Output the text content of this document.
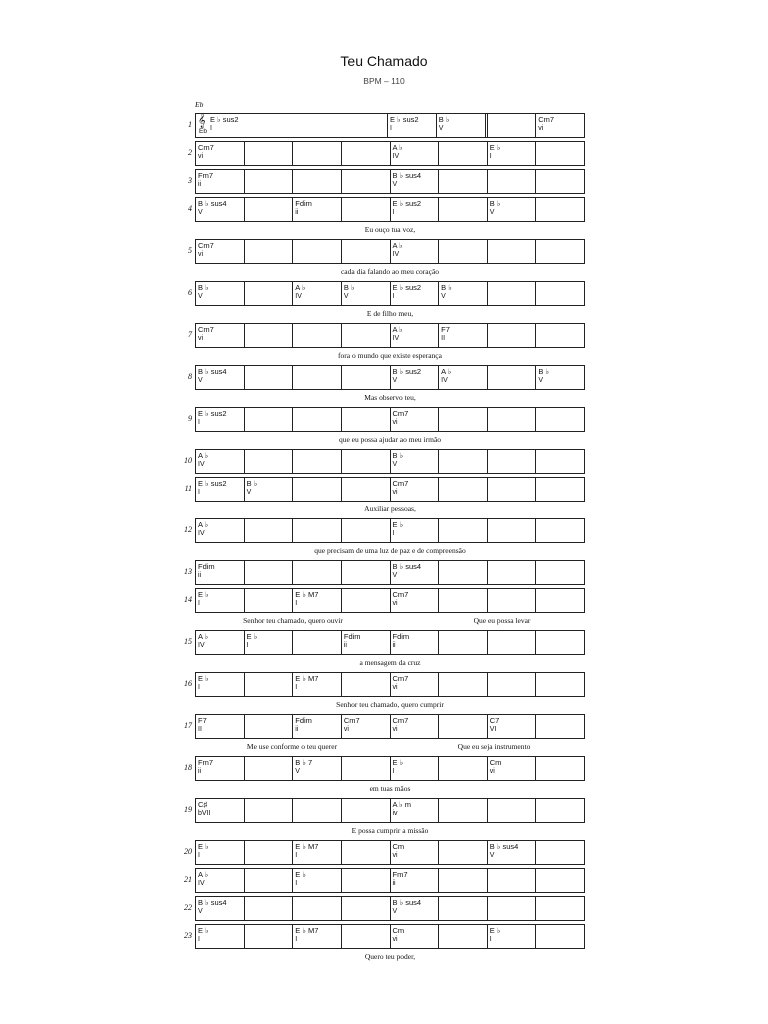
Teu Chamado
BPM – 110
Eb
1 𝄞
Eb
E ♭ sus2
I
E ♭ sus2
I
B ♭
V
Cm7
vi
2
Cm7
vi
A ♭
IV
E ♭
I
3
Fm7
ii
B ♭ sus4
V
4
B ♭ sus4
V
Fdim
ii
E ♭ sus2
I
B ♭
V
5
Cm7
vi
A ♭
IV
6
B ♭
V
A ♭
IV
B ♭
V
E ♭ sus2
I
B ♭
V
7
Cm7
vi
A ♭
IV
F7
II
8
B ♭ sus4
V
B ♭ sus2
V
A ♭
IV
B ♭
V
9
E ♭ sus2
I
Cm7
vi
10
A ♭
IV
B ♭
V
11
E ♭ sus2
I
B ♭
V
Cm7
vi
12
A ♭
IV
E ♭
I
13
Fdim
ii
B ♭ sus4
V
14
E ♭
I
E ♭ M7
I
Cm7
vi
15
A ♭
IV
E ♭
I
Fdim
ii
Fdim
ii
16
E ♭
I
E ♭ M7
I
Cm7
vi
17
F7
II
Fdim
ii
Cm7
vi
Cm7
vi
C7
VI
18
Fm7
ii
B ♭ 7
V
E ♭
I
Cm
vi
19
C♯
bVII
A ♭ m
iv
20
E ♭
I
E ♭ M7
I
Cm
vi
B ♭ sus4
V
21
A ♭
IV
E ♭
I
Fm7
ii
22
B ♭ sus4
V
B ♭ sus4
V
23
E ♭
I
E ♭ M7
I
Cm
vi
E ♭
I
Eu ouço tua voz,
cada dia falando ao meu coração
E de filho meu,
fora o mundo que existe esperança
Mas observo teu,
que eu possa ajudar ao meu irmão
Auxiliar pessoas,
que precisam de uma luz de paz e de compreensão
Senhor teu chamado, quero ouvir	Que eu possa levar
a mensagem da cruz
Senhor teu chamado, quero cumprir
Me use conforme o teu querer	Que eu seja instrumento
em tuas mãos
E possa cumprir a missão
Quero teu poder,
